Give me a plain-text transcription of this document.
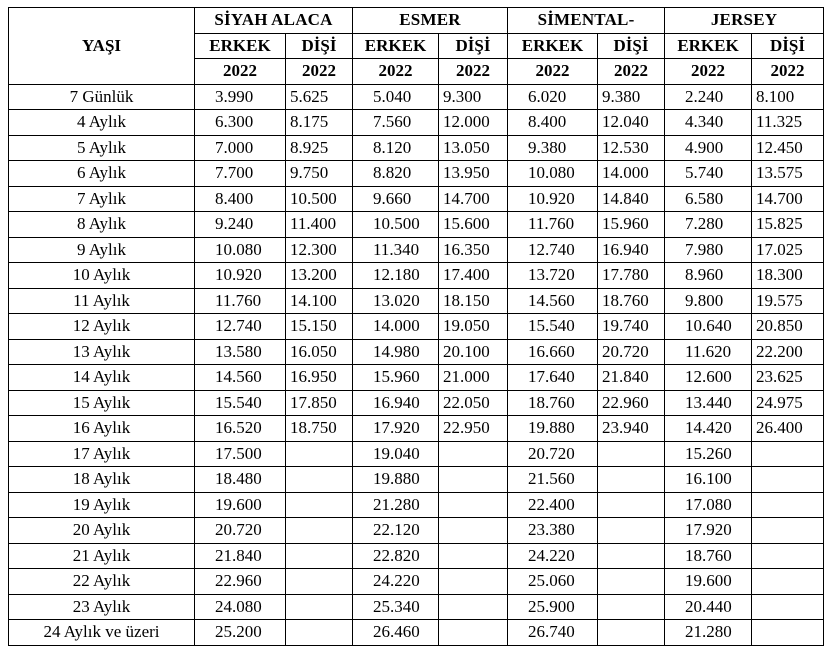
YAŞI	SİYAH ALACA		ESMER		SİMENTAL-		JERSEY	
	ERKEK	DİŞİ	ERKEK	DİŞİ	ERKEK	DİŞİ	ERKEK	DİŞİ
	2022	2022	2022	2022	2022	2022	2022	2022
7 Günlük	3.990	5.625	5.040	9.300	6.020	9.380	2.240	8.100
4 Aylık	6.300	8.175	7.560	12.000	8.400	12.040	4.340	11.325
5 Aylık	7.000	8.925	8.120	13.050	9.380	12.530	4.900	12.450
6 Aylık	7.700	9.750	8.820	13.950	10.080	14.000	5.740	13.575
7 Aylık	8.400	10.500	9.660	14.700	10.920	14.840	6.580	14.700
8 Aylık	9.240	11.400	10.500	15.600	11.760	15.960	7.280	15.825
9 Aylık	10.080	12.300	11.340	16.350	12.740	16.940	7.980	17.025
10 Aylık	10.920	13.200	12.180	17.400	13.720	17.780	8.960	18.300
11 Aylık	11.760	14.100	13.020	18.150	14.560	18.760	9.800	19.575
12 Aylık	12.740	15.150	14.000	19.050	15.540	19.740	10.640	20.850
13 Aylık	13.580	16.050	14.980	20.100	16.660	20.720	11.620	22.200
14 Aylık	14.560	16.950	15.960	21.000	17.640	21.840	12.600	23.625
15 Aylık	15.540	17.850	16.940	22.050	18.760	22.960	13.440	24.975
16 Aylık	16.520	18.750	17.920	22.950	19.880	23.940	14.420	26.400
17 Aylık	17.500		19.040		20.720		15.260	
18 Aylık	18.480		19.880		21.560		16.100	
19 Aylık	19.600		21.280		22.400		17.080	
20 Aylık	20.720		22.120		23.380		17.920	
21 Aylık	21.840		22.820		24.220		18.760	
22 Aylık	22.960		24.220		25.060		19.600	
23 Aylık	24.080		25.340		25.900		20.440	
24 Aylık ve üzeri	25.200		26.460		26.740		21.280	
